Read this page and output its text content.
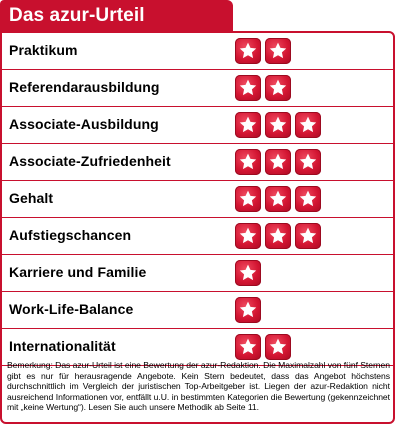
Das azur-Urteil
Praktikum
Referendarausbildung
Associate-Ausbildung
Associate-Zufriedenheit
Gehalt
Aufstiegschancen
Karriere und Familie
Work-Life-Balance
Internationalität
Bemerkung: Das azur-Urteil ist eine Bewertung der azur-Redaktion. Die Maximalzahl von fünf Sternen gibt es nur für herausragende Angebote. Kein Stern bedeutet, dass das Angebot höchstens durchschnittlich im Vergleich der juristischen Top-Arbeitgeber ist. Liegen der azur-Redaktion nicht ausreichend Informationen vor, entfällt u.U. in bestimmten Kategorien die Bewertung (gekennzeichnet mit „keine Wertung“). Lesen Sie auch unsere Methodik ab Seite 11.
